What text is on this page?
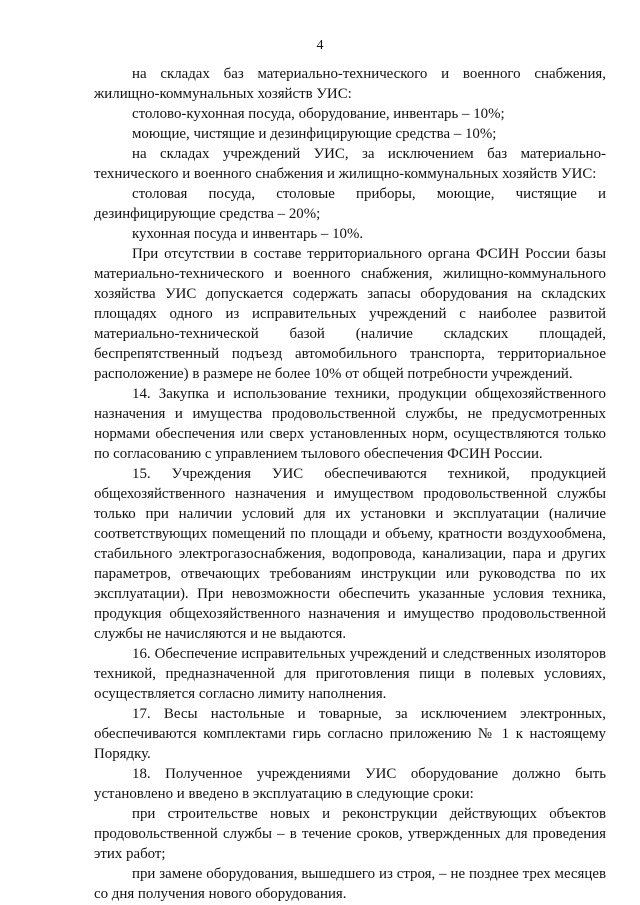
4

на складах баз материально-технического и военного снабжения, жилищно-коммунальных хозяйств УИС:

столово-кухонная посуда, оборудование, инвентарь – 10%;

моющие, чистящие и дезинфицирующие средства – 10%;

на складах учреждений УИС, за исключением баз материально-технического и военного снабжения и жилищно-коммунальных хозяйств УИС:

столовая посуда, столовые приборы, моющие, чистящие и дезинфицирующие средства – 20%;

кухонная посуда и инвентарь – 10%.

При отсутствии в составе территориального органа ФСИН России базы материально-технического и военного снабжения, жилищно-коммунального хозяйства УИС допускается содержать запасы оборудования на складских площадях одного из исправительных учреждений с наиболее развитой материально-технической базой (наличие складских площадей, беспрепятственный подъезд автомобильного транспорта, территориальное расположение) в размере не более 10% от общей потребности учреждений.

14. Закупка и использование техники, продукции общехозяйственного назначения и имущества продовольственной службы, не предусмотренных нормами обеспечения или сверх установленных норм, осуществляются только по согласованию с управлением тылового обеспечения ФСИН России.

15. Учреждения УИС обеспечиваются техникой, продукцией общехозяйственного назначения и имуществом продовольственной службы только при наличии условий для их установки и эксплуатации (наличие соответствующих помещений по площади и объему, кратности воздухообмена, стабильного электрогазоснабжения, водопровода, канализации, пара и других параметров, отвечающих требованиям инструкции или руководства по их эксплуатации). При невозможности обеспечить указанные условия техника, продукция общехозяйственного назначения и имущество продовольственной службы не начисляются и не выдаются.

16. Обеспечение исправительных учреждений и следственных изоляторов техникой, предназначенной для приготовления пищи в полевых условиях, осуществляется согласно лимиту наполнения.

17. Весы настольные и товарные, за исключением электронных, обеспечиваются комплектами гирь согласно приложению № 1 к настоящему Порядку.

18. Полученное учреждениями УИС оборудование должно быть установлено и введено в эксплуатацию в следующие сроки:

при строительстве новых и реконструкции действующих объектов продовольственной службы – в течение сроков, утвержденных для проведения этих работ;

при замене оборудования, вышедшего из строя, – не позднее трех месяцев со дня получения нового оборудования.
